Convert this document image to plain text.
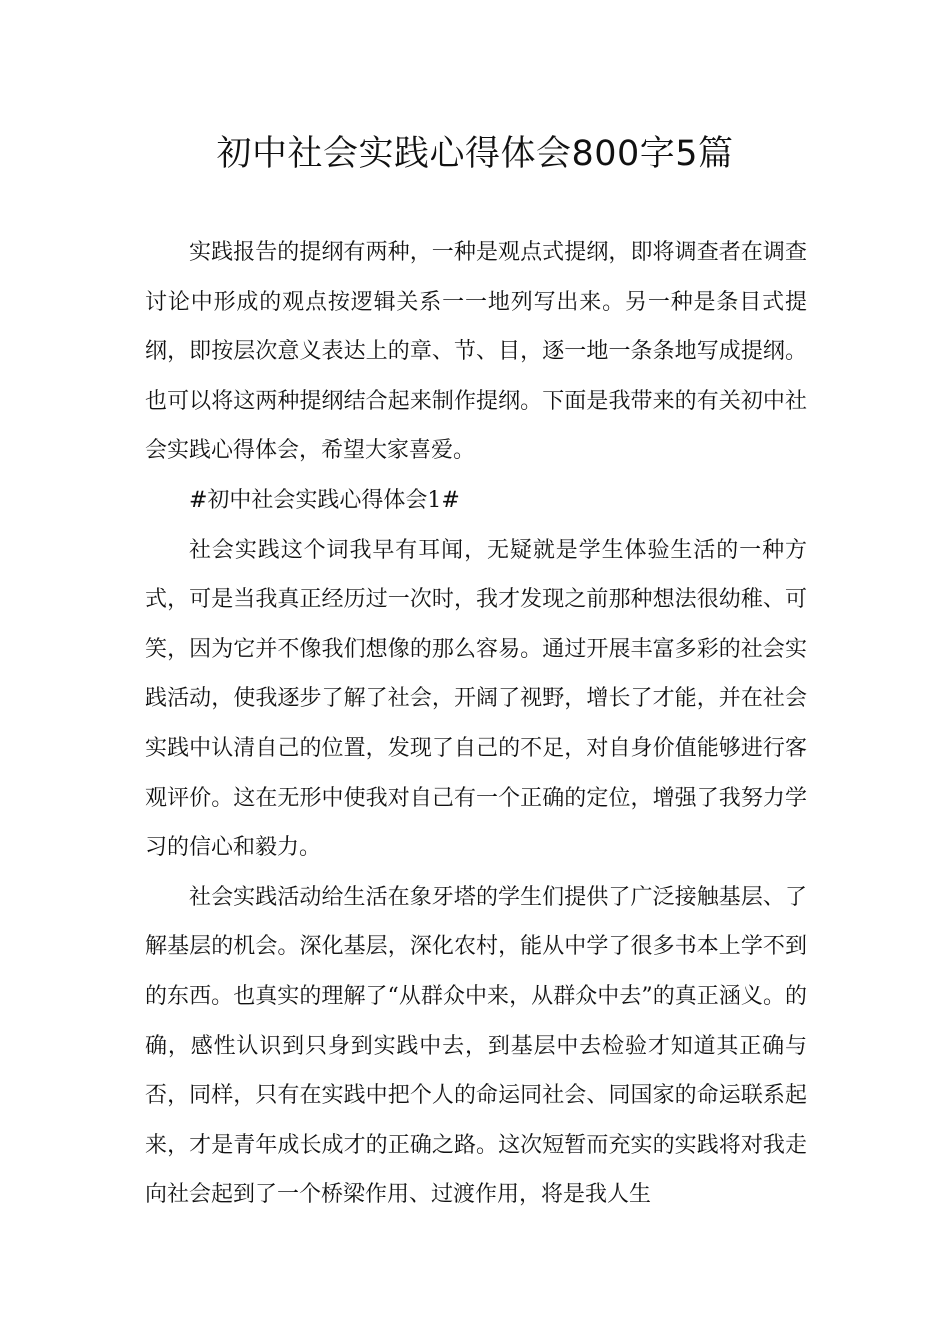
初中社会实践心得体会800字5篇

实践报告的提纲有两种，一种是观点式提纲，即将调查者在调查讨论中形成的观点按逻辑关系一一地列写出来。另一种是条目式提纲，即按层次意义表达上的章、节、目，逐一地一条条地写成提纲。也可以将这两种提纲结合起来制作提纲。下面是我带来的有关初中社会实践心得体会，希望大家喜爱。

#初中社会实践心得体会1#

社会实践这个词我早有耳闻，无疑就是学生体验生活的一种方式，可是当我真正经历过一次时，我才发现之前那种想法很幼稚、可笑，因为它并不像我们想像的那么容易。通过开展丰富多彩的社会实践活动，使我逐步了解了社会，开阔了视野，增长了才能，并在社会实践中认清自己的位置，发现了自己的不足，对自身价值能够进行客观评价。这在无形中使我对自己有一个正确的定位，增强了我努力学习的信心和毅力。

社会实践活动给生活在象牙塔的学生们提供了广泛接触基层、了解基层的机会。深化基层，深化农村，能从中学了很多书本上学不到的东西。也真实的理解了“从群众中来，从群众中去”的真正涵义。的确，感性认识到只身到实践中去，到基层中去检验才知道其正确与否，同样，只有在实践中把个人的命运同社会、同国家的命运联系起来，才是青年成长成才的正确之路。这次短暂而充实的实践将对我走向社会起到了一个桥梁作用、过渡作用，将是我人生
